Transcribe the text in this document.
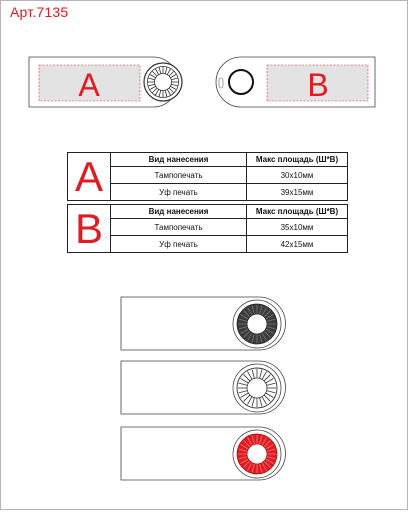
Арт.7135
A	B
A	Вид нанесения	Макс площадь (Ш*В)
Тампопечать	30x10мм
Уф печать	39x15мм
B	Вид нанесения	Макс площадь (Ш*В)
Тампопечать	35x10мм
Уф печать	42x15мм
